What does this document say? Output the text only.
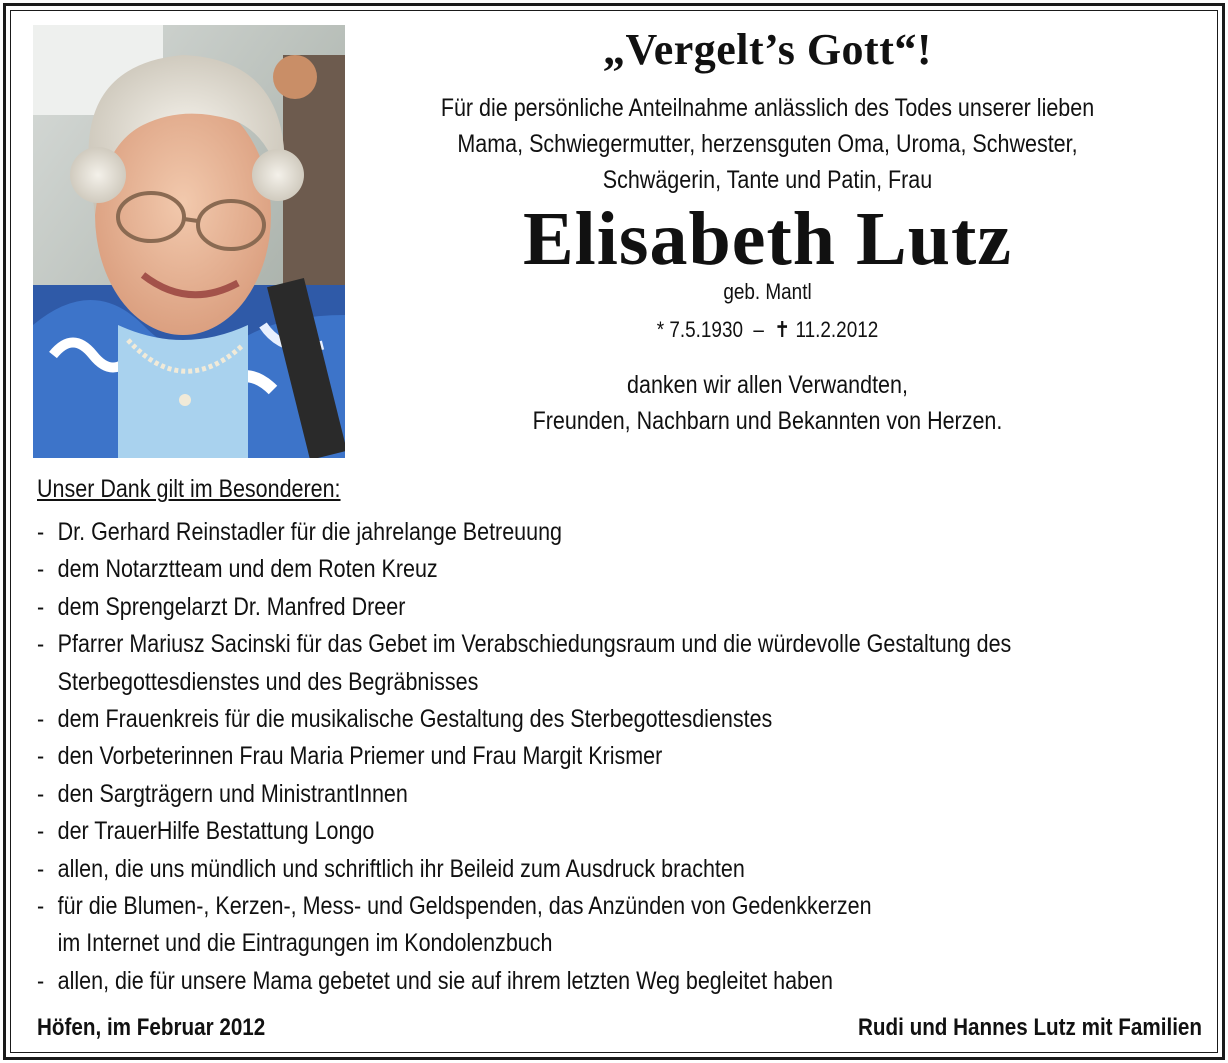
„Vergelt’s Gott“!
Für die persönliche Anteilnahme anlässlich des Todes unserer lieben
Mama, Schwiegermutter, herzensguten Oma, Uroma, Schwester,
Schwägerin, Tante und Patin, Frau
Elisabeth Lutz
geb. Mantl
* 7.5.1930 – ✝ 11.2.2012
danken wir allen Verwandten,
Freunden, Nachbarn und Bekannten von Herzen.
Unser Dank gilt im Besonderen:
- Dr. Gerhard Reinstadler für die jahrelange Betreuung
- dem Notarztteam und dem Roten Kreuz
- dem Sprengelarzt Dr. Manfred Dreer
- Pfarrer Mariusz Sacinski für das Gebet im Verabschiedungsraum und die würdevolle Gestaltung des
Sterbegottesdienstes und des Begräbnisses
- dem Frauenkreis für die musikalische Gestaltung des Sterbegottesdienstes
- den Vorbeterinnen Frau Maria Priemer und Frau Margit Krismer
- den Sargträgern und MinistrantInnen
- der TrauerHilfe Bestattung Longo
- allen, die uns mündlich und schriftlich ihr Beileid zum Ausdruck brachten
- für die Blumen-, Kerzen-, Mess- und Geldspenden, das Anzünden von Gedenkkerzen
im Internet und die Eintragungen im Kondolenzbuch
- allen, die für unsere Mama gebetet und sie auf ihrem letzten Weg begleitet haben
Höfen, im Februar 2012	Rudi und Hannes Lutz mit Familien
